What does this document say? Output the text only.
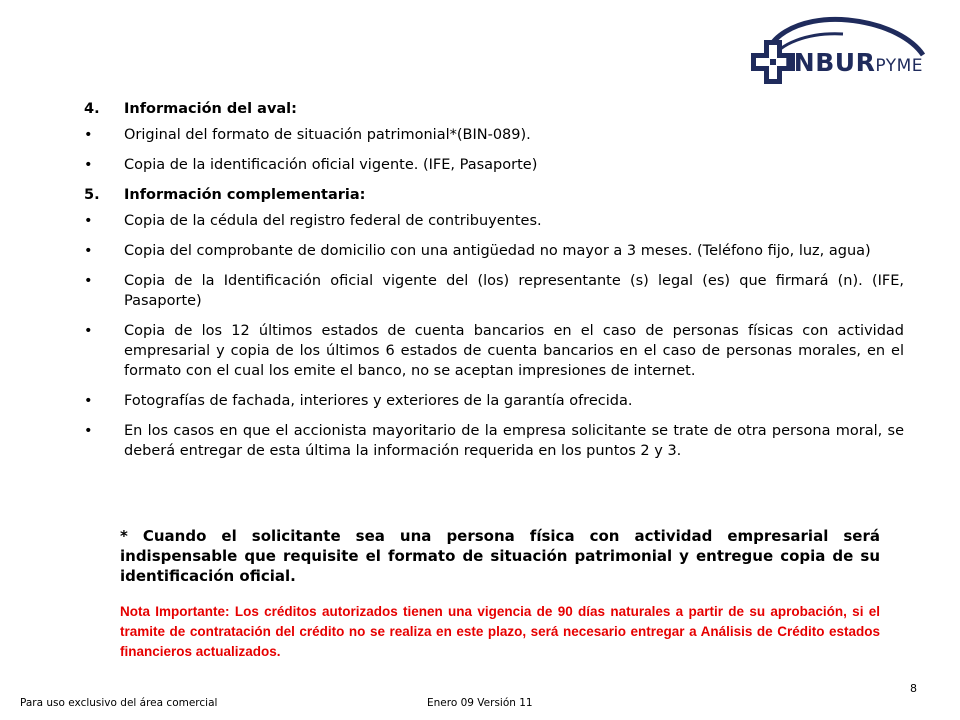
INBURPYME
4.	Información del aval:
•	Original del formato de situación patrimonial*(BIN-089).
•	Copia de la identificación oficial vigente. (IFE, Pasaporte)
5.	Información complementaria:
•	Copia de la cédula del registro federal de contribuyentes.
•	Copia del comprobante de domicilio con una antigüedad no mayor a 3 meses. (Teléfono fijo, luz, agua)
•	Copia de la Identificación oficial vigente del (los) representante (s) legal (es) que firmará (n). (IFE, Pasaporte)
•	Copia de los 12 últimos estados de cuenta bancarios en el caso de personas físicas con actividad empresarial y copia de los últimos 6 estados de cuenta bancarios en el caso de personas morales, en el formato con el cual los emite el banco, no se aceptan impresiones de internet.
•	Fotografías de fachada, interiores y exteriores de la garantía ofrecida.
•	En los casos en que el accionista mayoritario de la empresa solicitante se trate de otra persona moral, se deberá entregar de esta última la información requerida en los puntos 2 y 3.
* Cuando el solicitante sea una persona física con actividad empresarial será indispensable que requisite el formato de situación patrimonial y entregue copia de su identificación oficial.
Nota Importante: Los créditos autorizados tienen una vigencia de 90 días naturales a partir de su aprobación, si el tramite de contratación del crédito no se realiza en este plazo, será necesario entregar a Análisis de Crédito estados financieros actualizados.
Para uso exclusivo del área comercial	Enero 09 Versión 11
8
